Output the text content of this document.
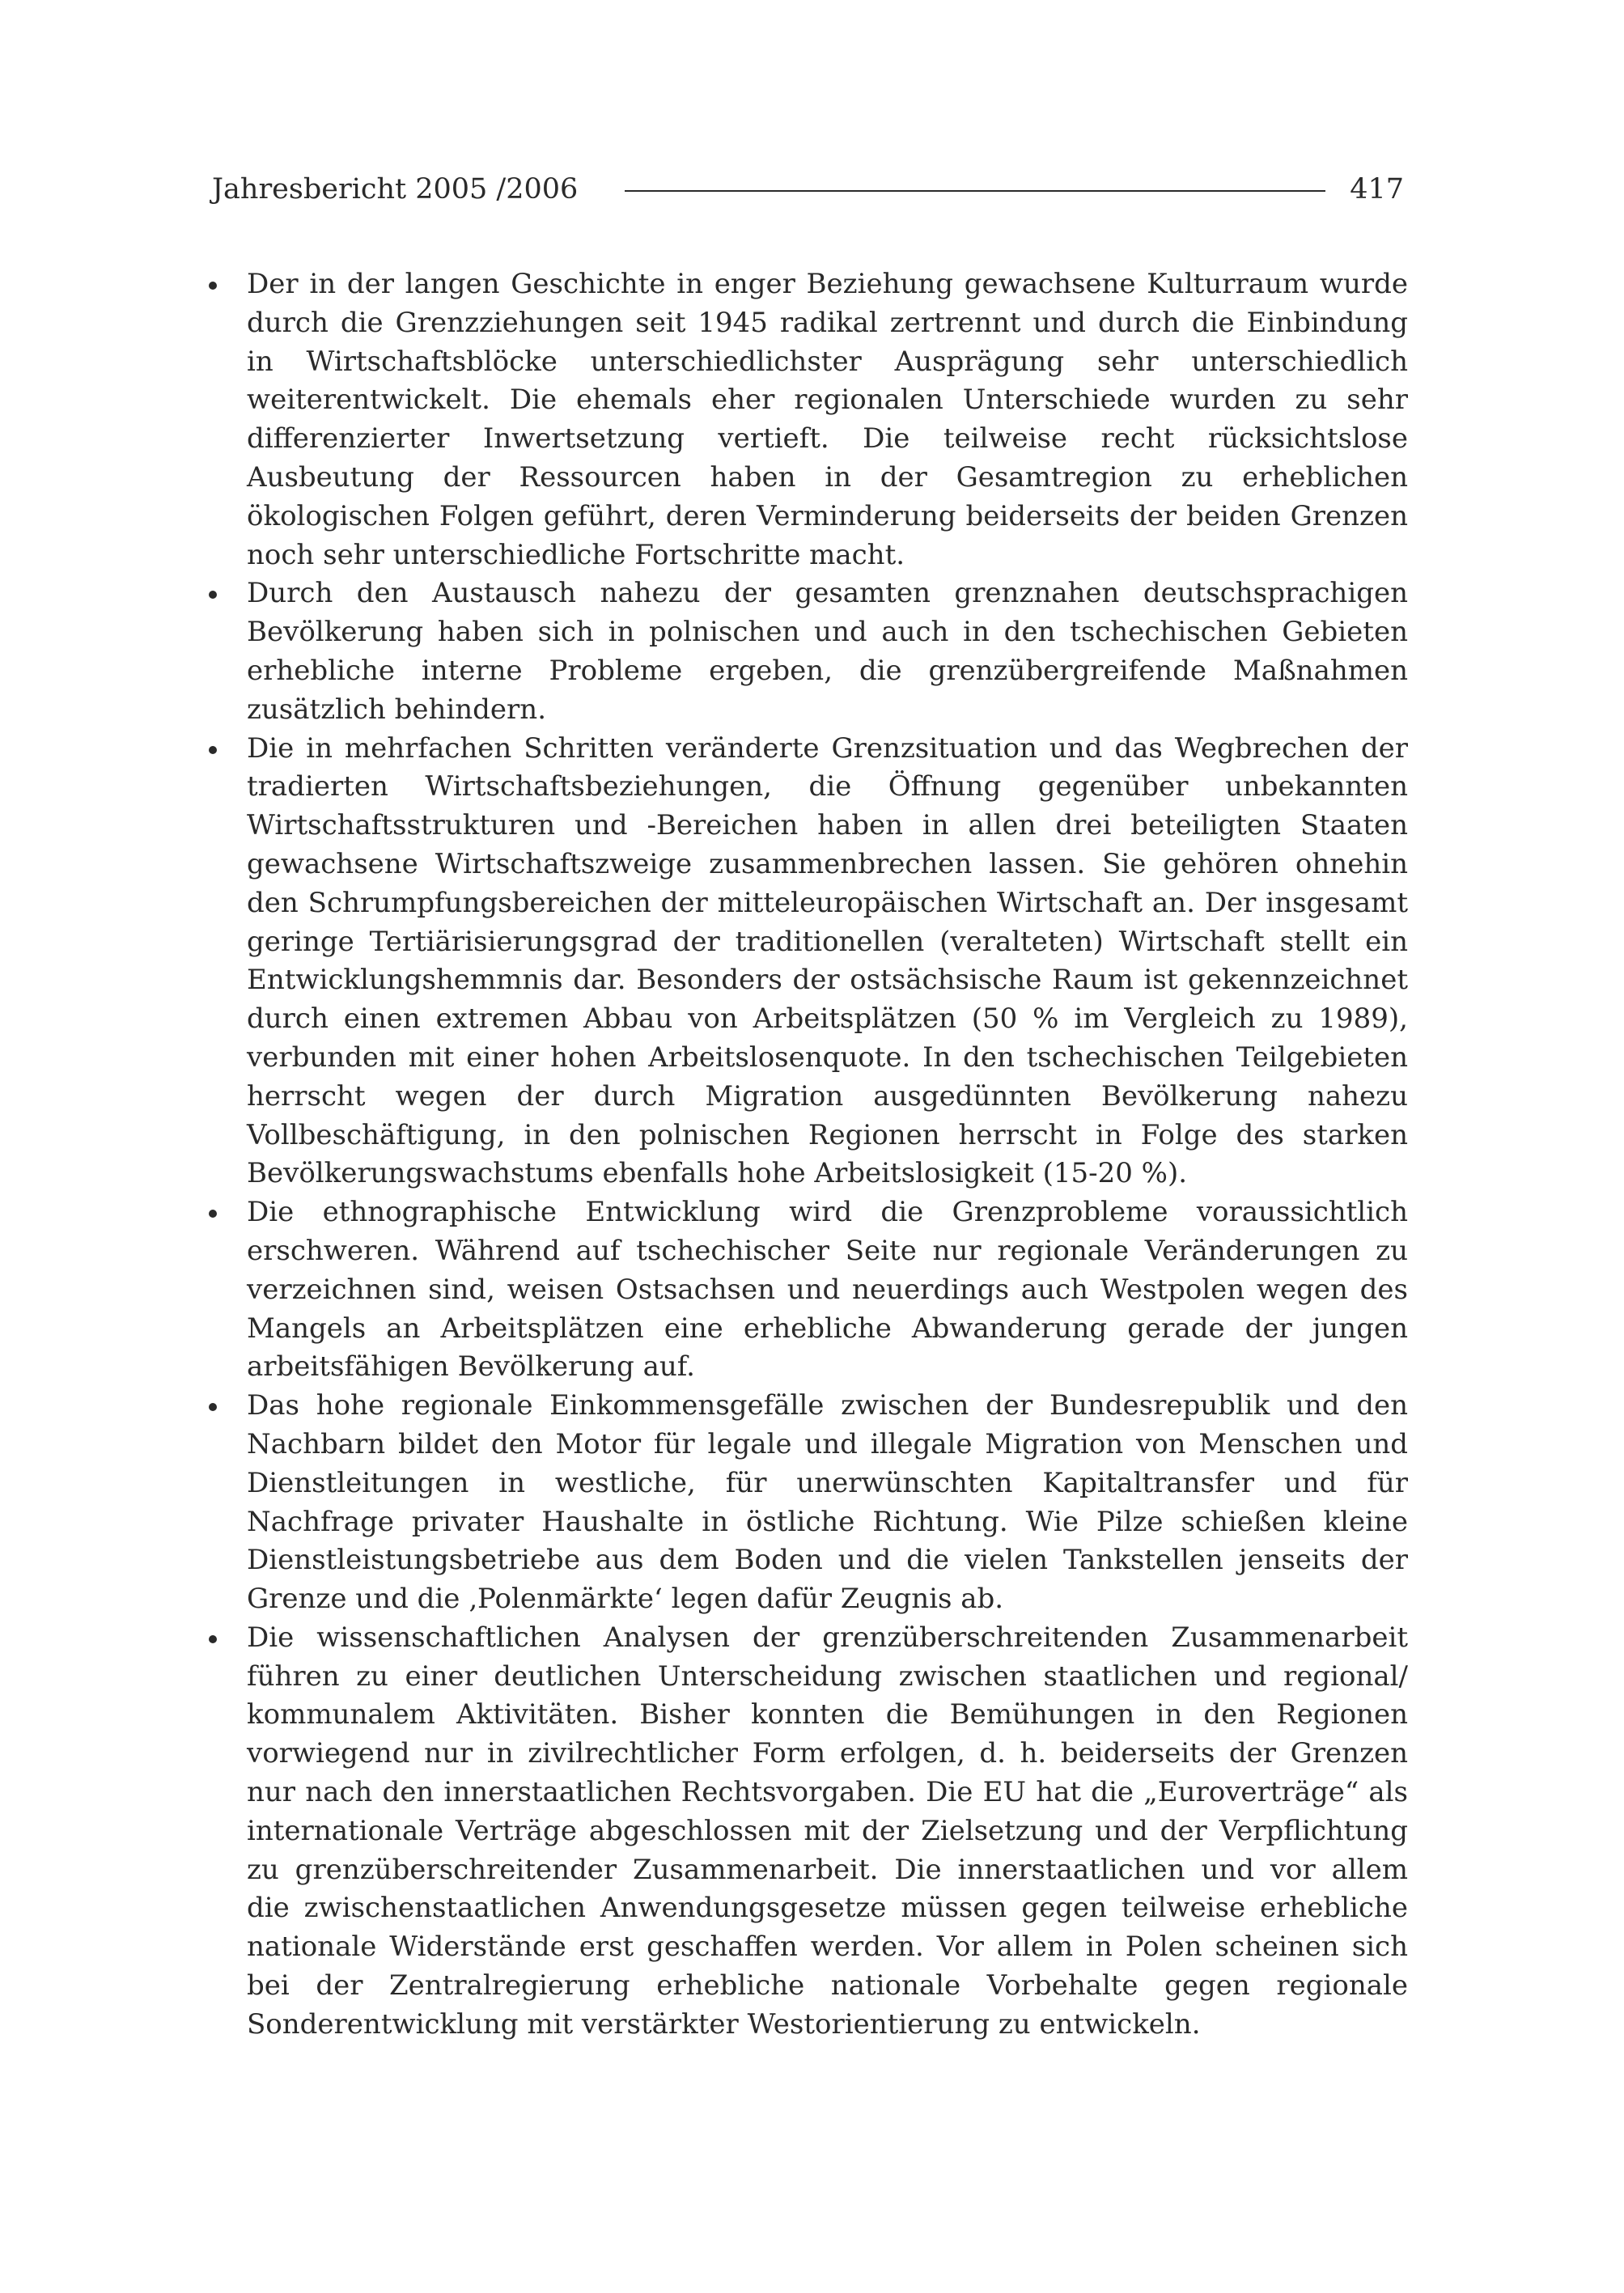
Jahresbericht 2005 /2006	417
Der in der langen Geschichte in enger Beziehung gewachsene Kulturraum wurde durch die Grenzziehungen seit 1945 radikal zertrennt und durch die Einbindung in Wirtschaftsblöcke unterschiedlichster Ausprägung sehr unterschiedlich weiterentwickelt. Die ehemals eher regionalen Unterschiede wurden zu sehr differenzierter Inwertsetzung vertieft. Die teilweise recht rücksichtslose Ausbeutung der Ressourcen haben in der Gesamtregion zu erheblichen ökologischen Folgen geführt, deren Verminderung beiderseits der beiden Grenzen noch sehr unterschiedliche Fortschritte macht.
Durch den Austausch nahezu der gesamten grenznahen deutschsprachigen Bevölkerung haben sich in polnischen und auch in den tschechischen Gebieten erhebliche interne Probleme ergeben, die grenzübergreifende Maßnahmen zusätzlich behindern.
Die in mehrfachen Schritten veränderte Grenzsituation und das Wegbrechen der tradierten Wirtschaftsbeziehungen, die Öffnung gegenüber unbekannten Wirtschaftsstrukturen und -Bereichen haben in allen drei beteiligten Staaten gewachsene Wirtschaftszweige zusammenbrechen lassen. Sie gehören ohnehin den Schrumpfungsbereichen der mitteleuropäischen Wirtschaft an. Der insgesamt geringe Tertiärisierungsgrad der traditionellen (veralteten) Wirtschaft stellt ein Entwicklungshemmnis dar. Besonders der ostsächsische Raum ist gekennzeichnet durch einen extremen Abbau von Arbeitsplätzen (50 % im Vergleich zu 1989), verbunden mit einer hohen Arbeitslosenquote. In den tschechischen Teilgebieten herrscht wegen der durch Migration ausgedünnten Bevölkerung nahezu Vollbeschäftigung, in den polnischen Regionen herrscht in Folge des starken Bevölkerungswachstums ebenfalls hohe Arbeitslosigkeit (15-20 %).
Die ethnographische Entwicklung wird die Grenzprobleme voraussichtlich erschweren. Während auf tschechischer Seite nur regionale Veränderungen zu verzeichnen sind, weisen Ostsachsen und neuerdings auch Westpolen wegen des Mangels an Arbeitsplätzen eine erhebliche Abwanderung gerade der jungen arbeitsfähigen Bevölkerung auf.
Das hohe regionale Einkommensgefälle zwischen der Bundesrepublik und den Nachbarn bildet den Motor für legale und illegale Migration von Menschen und Dienstleitungen in westliche, für unerwünschten Kapitaltransfer und für Nachfrage privater Haushalte in östliche Richtung. Wie Pilze schießen kleine Dienstleistungsbetriebe aus dem Boden und die vielen Tankstellen jenseits der Grenze und die ‚Polenmärkte‘ legen dafür Zeugnis ab.
Die wissenschaftlichen Analysen der grenzüberschreitenden Zusammenarbeit führen zu einer deutlichen Unterscheidung zwischen staatlichen und regional/ kommunalem Aktivitäten. Bisher konnten die Bemühungen in den Regionen vorwiegend nur in zivilrechtlicher Form erfolgen, d. h. beiderseits der Grenzen nur nach den innerstaatlichen Rechtsvorgaben. Die EU hat die „Euroverträge“ als internationale Verträge abgeschlossen mit der Zielsetzung und der Verpflichtung zu grenzüberschreitender Zusammenarbeit. Die innerstaatlichen und vor allem die zwischenstaatlichen Anwendungsgesetze müssen gegen teilweise erhebliche nationale Widerstände erst geschaffen werden. Vor allem in Polen scheinen sich bei der Zentralregierung erhebliche nationale Vorbehalte gegen regionale Sonderentwicklung mit verstärkter Westorientierung zu entwickeln.
